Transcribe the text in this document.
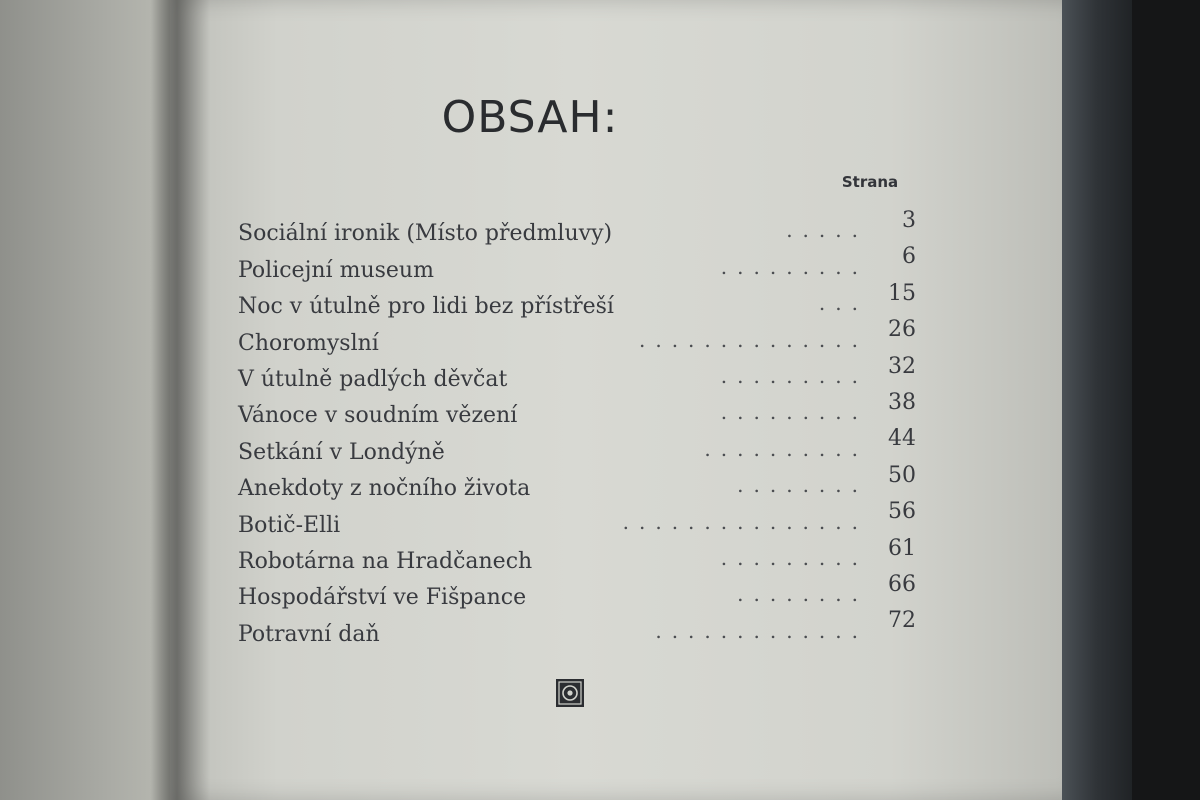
OBSAH:
Strana
Sociální ironik (Místo předmluvy)	.....	3
Policejní museum	.........	6
Noc v útulně pro lidi bez přístřeší	... 15
Choromyslní	.............. 26
V útulně padlých děvčat	......... 32
Vánoce v soudním vězení	......... 38
Setkání v Londýně	.......... 44
Anekdoty z nočního života	........ 50
Botič-Elli	............... 56
Robotárna na Hradčanech	......... 61
Hospodářství ve Fišpance	........ 66
Potravní daň	............. 72
